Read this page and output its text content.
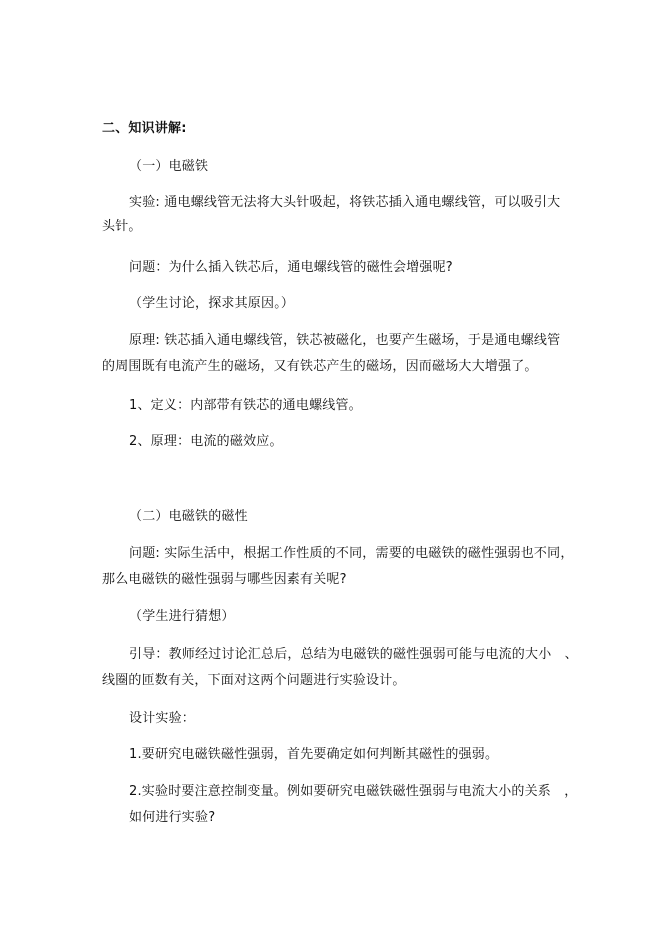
二、知识讲解:
（一）电磁铁
实验: 通电螺线管无法将大头针吸起，将铁芯插入通电螺线管，可以吸引大
头针。
问题：为什么插入铁芯后，通电螺线管的磁性会增强呢?
（学生讨论，探求其原因。）
原理: 铁芯插入通电螺线管，铁芯被磁化，也要产生磁场，于是通电螺线管
的周围既有电流产生的磁场，又有铁芯产生的磁场，因而磁场大大增强了。
1、定义：内部带有铁芯的通电螺线管。
2、原理：电流的磁效应。
（二）电磁铁的磁性
问题: 实际生活中，根据工作性质的不同，需要的电磁铁的磁性强弱也不同，
那么电磁铁的磁性强弱与哪些因素有关呢?
（学生进行猜想）
引导：教师经过讨论汇总后，总结为电磁铁的磁性强弱可能与电流的大小　、
线圈的匝数有关，下面对这两个问题进行实验设计。
设计实验：
1.要研究电磁铁磁性强弱，首先要确定如何判断其磁性的强弱。
2.实验时要注意控制变量。例如要研究电磁铁磁性强弱与电流大小的关系　，
如何进行实验?
